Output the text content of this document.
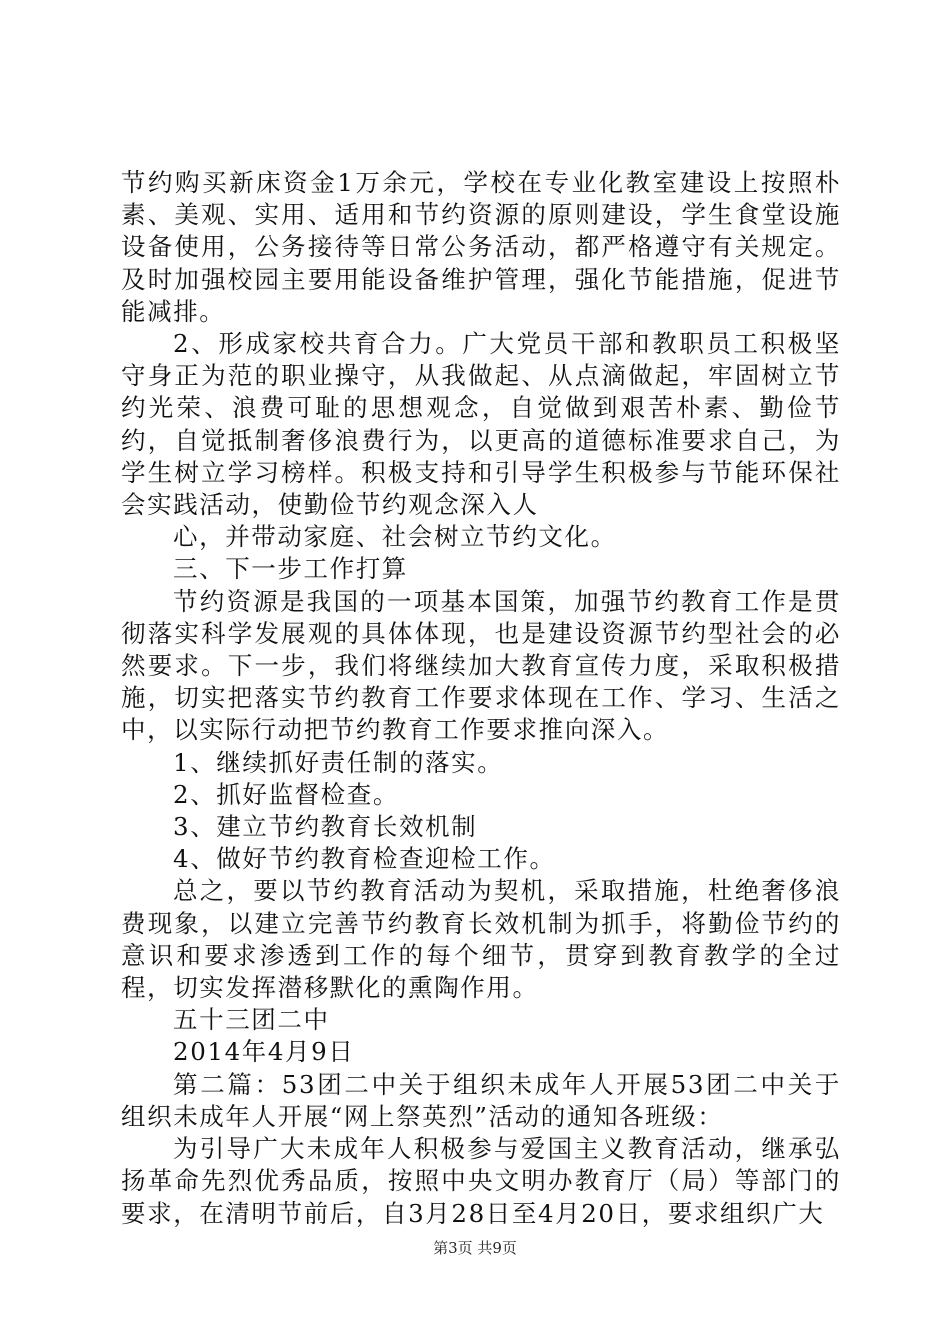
节约购买新床资金1万余元，学校在专业化教室建设上按照朴素、美观、实用、适用和节约资源的原则建设，学生食堂设施设备使用，公务接待等日常公务活动，都严格遵守有关规定。及时加强校园主要用能设备维护管理，强化节能措施，促进节能减排。

2、形成家校共育合力。广大党员干部和教职员工积极坚守身正为范的职业操守，从我做起、从点滴做起，牢固树立节约光荣、浪费可耻的思想观念，自觉做到艰苦朴素、勤俭节约，自觉抵制奢侈浪费行为，以更高的道德标准要求自己，为学生树立学习榜样。积极支持和引导学生积极参与节能环保社会实践活动，使勤俭节约观念深入人

心，并带动家庭、社会树立节约文化。

三、下一步工作打算

节约资源是我国的一项基本国策，加强节约教育工作是贯彻落实科学发展观的具体体现，也是建设资源节约型社会的必然要求。下一步，我们将继续加大教育宣传力度，采取积极措施，切实把落实节约教育工作要求体现在工作、学习、生活之中，以实际行动把节约教育工作要求推向深入。

1、继续抓好责任制的落实。

2、抓好监督检查。

3、建立节约教育长效机制

4、做好节约教育检查迎检工作。

总之，要以节约教育活动为契机，采取措施，杜绝奢侈浪费现象，以建立完善节约教育长效机制为抓手，将勤俭节约的意识和要求渗透到工作的每个细节，贯穿到教育教学的全过程，切实发挥潜移默化的熏陶作用。

五十三团二中

2014年4月9日

第二篇：53团二中关于组织未成年人开展53团二中关于组织未成年人开展“网上祭英烈”活动的通知各班级：

为引导广大未成年人积极参与爱国主义教育活动，继承弘扬革命先烈优秀品质，按照中央文明办教育厅（局）等部门的要求，在清明节前后，自3月28日至4月20日，要求组织广大

第3页 共9页
